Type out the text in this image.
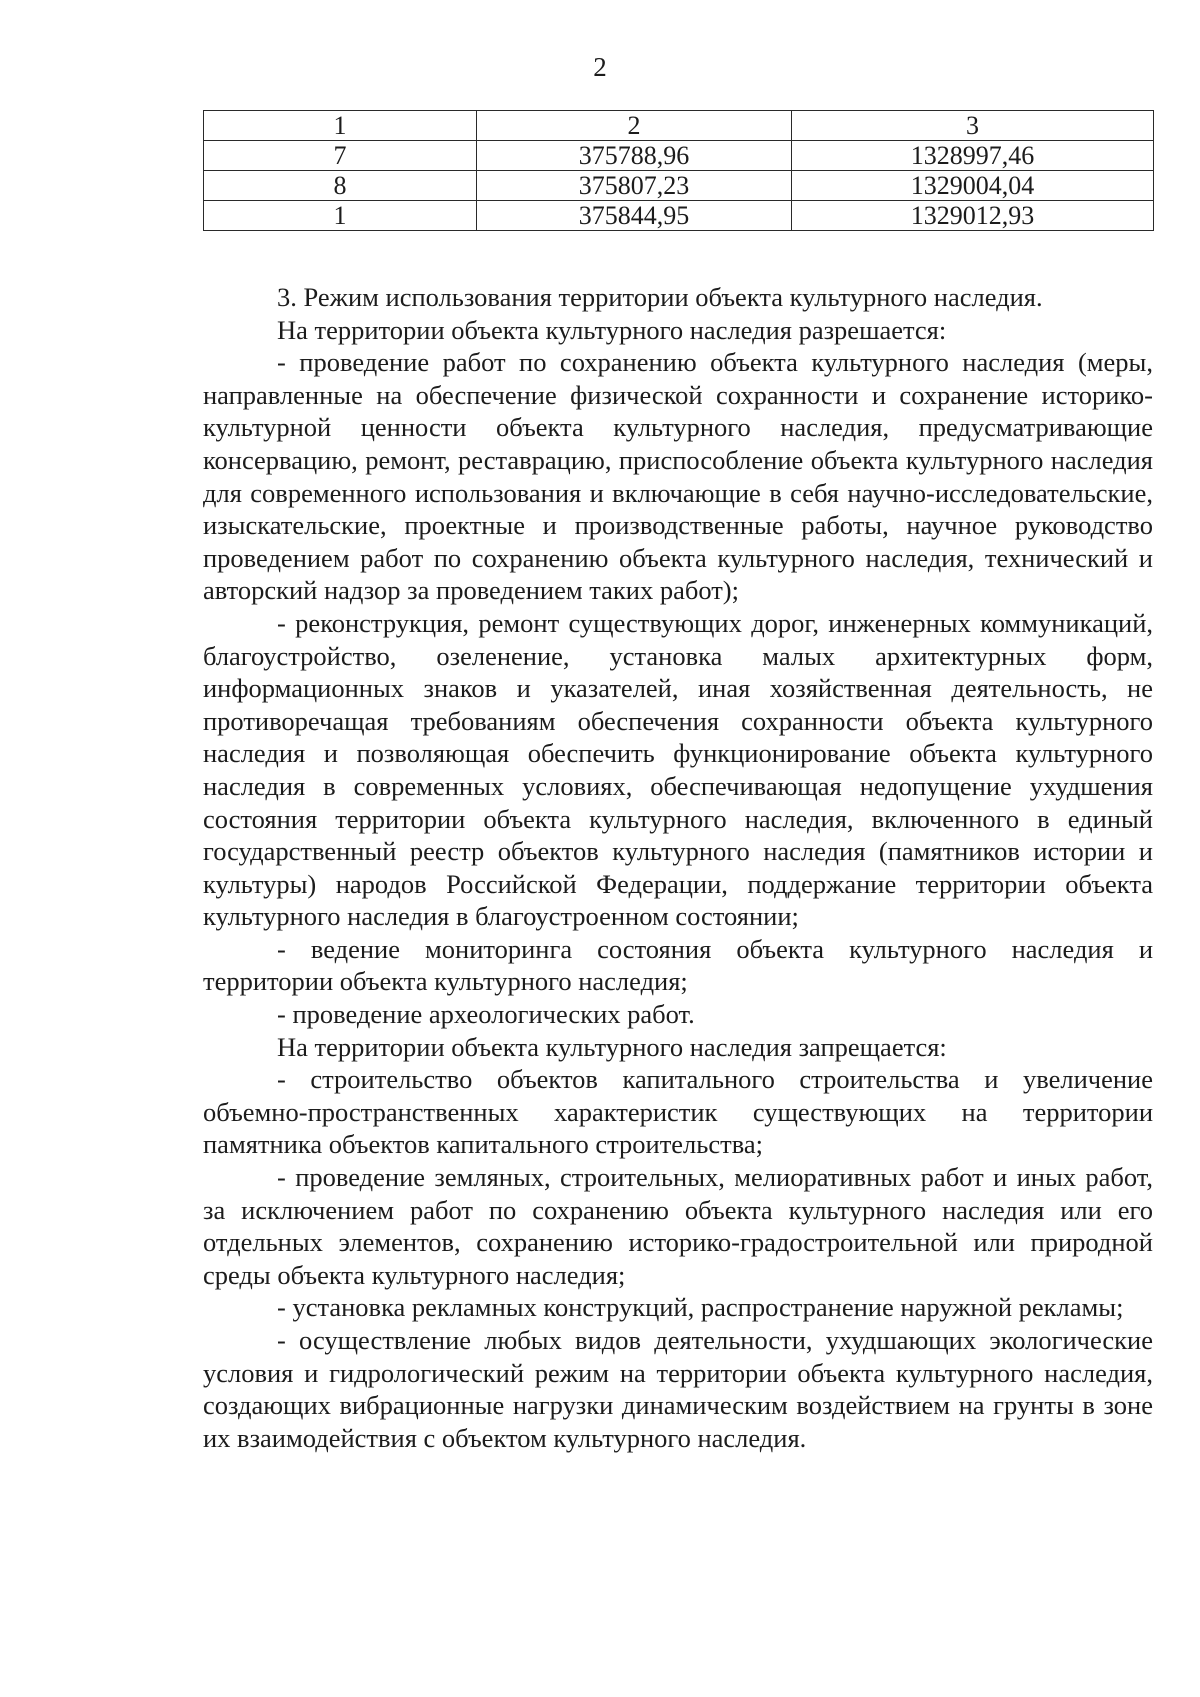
2
1	2	3
7	375788,96	1328997,46
8	375807,23	1329004,04
1	375844,95	1329012,93

3. Режим использования территории объекта культурного наследия.

На территории объекта культурного наследия разрешается:

- проведение работ по сохранению объекта культурного наследия (меры, направленные на обеспечение физической сохранности и сохранение историко-культурной ценности объекта культурного наследия, предусматривающие консервацию, ремонт, реставрацию, приспособление объекта культурного наследия для современного использования и включающие в себя научно-исследовательские, изыскательские, проектные и производственные работы, научное руководство проведением работ по сохранению объекта культурного наследия, технический и авторский надзор за проведением таких работ);

- реконструкция, ремонт существующих дорог, инженерных коммуникаций, благоустройство, озеленение, установка малых архитектурных форм, информационных знаков и указателей, иная хозяйственная деятельность, не противоречащая требованиям обеспечения сохранности объекта культурного наследия и позволяющая обеспечить функционирование объекта культурного наследия в современных условиях, обеспечивающая недопущение ухудшения состояния территории объекта культурного наследия, включенного в единый государственный реестр объектов культурного наследия (памятников истории и культуры) народов Российской Федерации, поддержание территории объекта культурного наследия в благоустроенном состоянии;

- ведение мониторинга состояния объекта культурного наследия и территории объекта культурного наследия;

- проведение археологических работ.

На территории объекта культурного наследия запрещается:

- строительство объектов капитального строительства и увеличение объемно-пространственных характеристик существующих на территории памятника объектов капитального строительства;

- проведение земляных, строительных, мелиоративных работ и иных работ, за исключением работ по сохранению объекта культурного наследия или его отдельных элементов, сохранению историко-градостроительной или природной среды объекта культурного наследия;

- установка рекламных конструкций, распространение наружной рекламы;

- осуществление любых видов деятельности, ухудшающих экологические условия и гидрологический режим на территории объекта культурного наследия, создающих вибрационные нагрузки динамическим воздействием на грунты в зоне их взаимодействия с объектом культурного наследия.
